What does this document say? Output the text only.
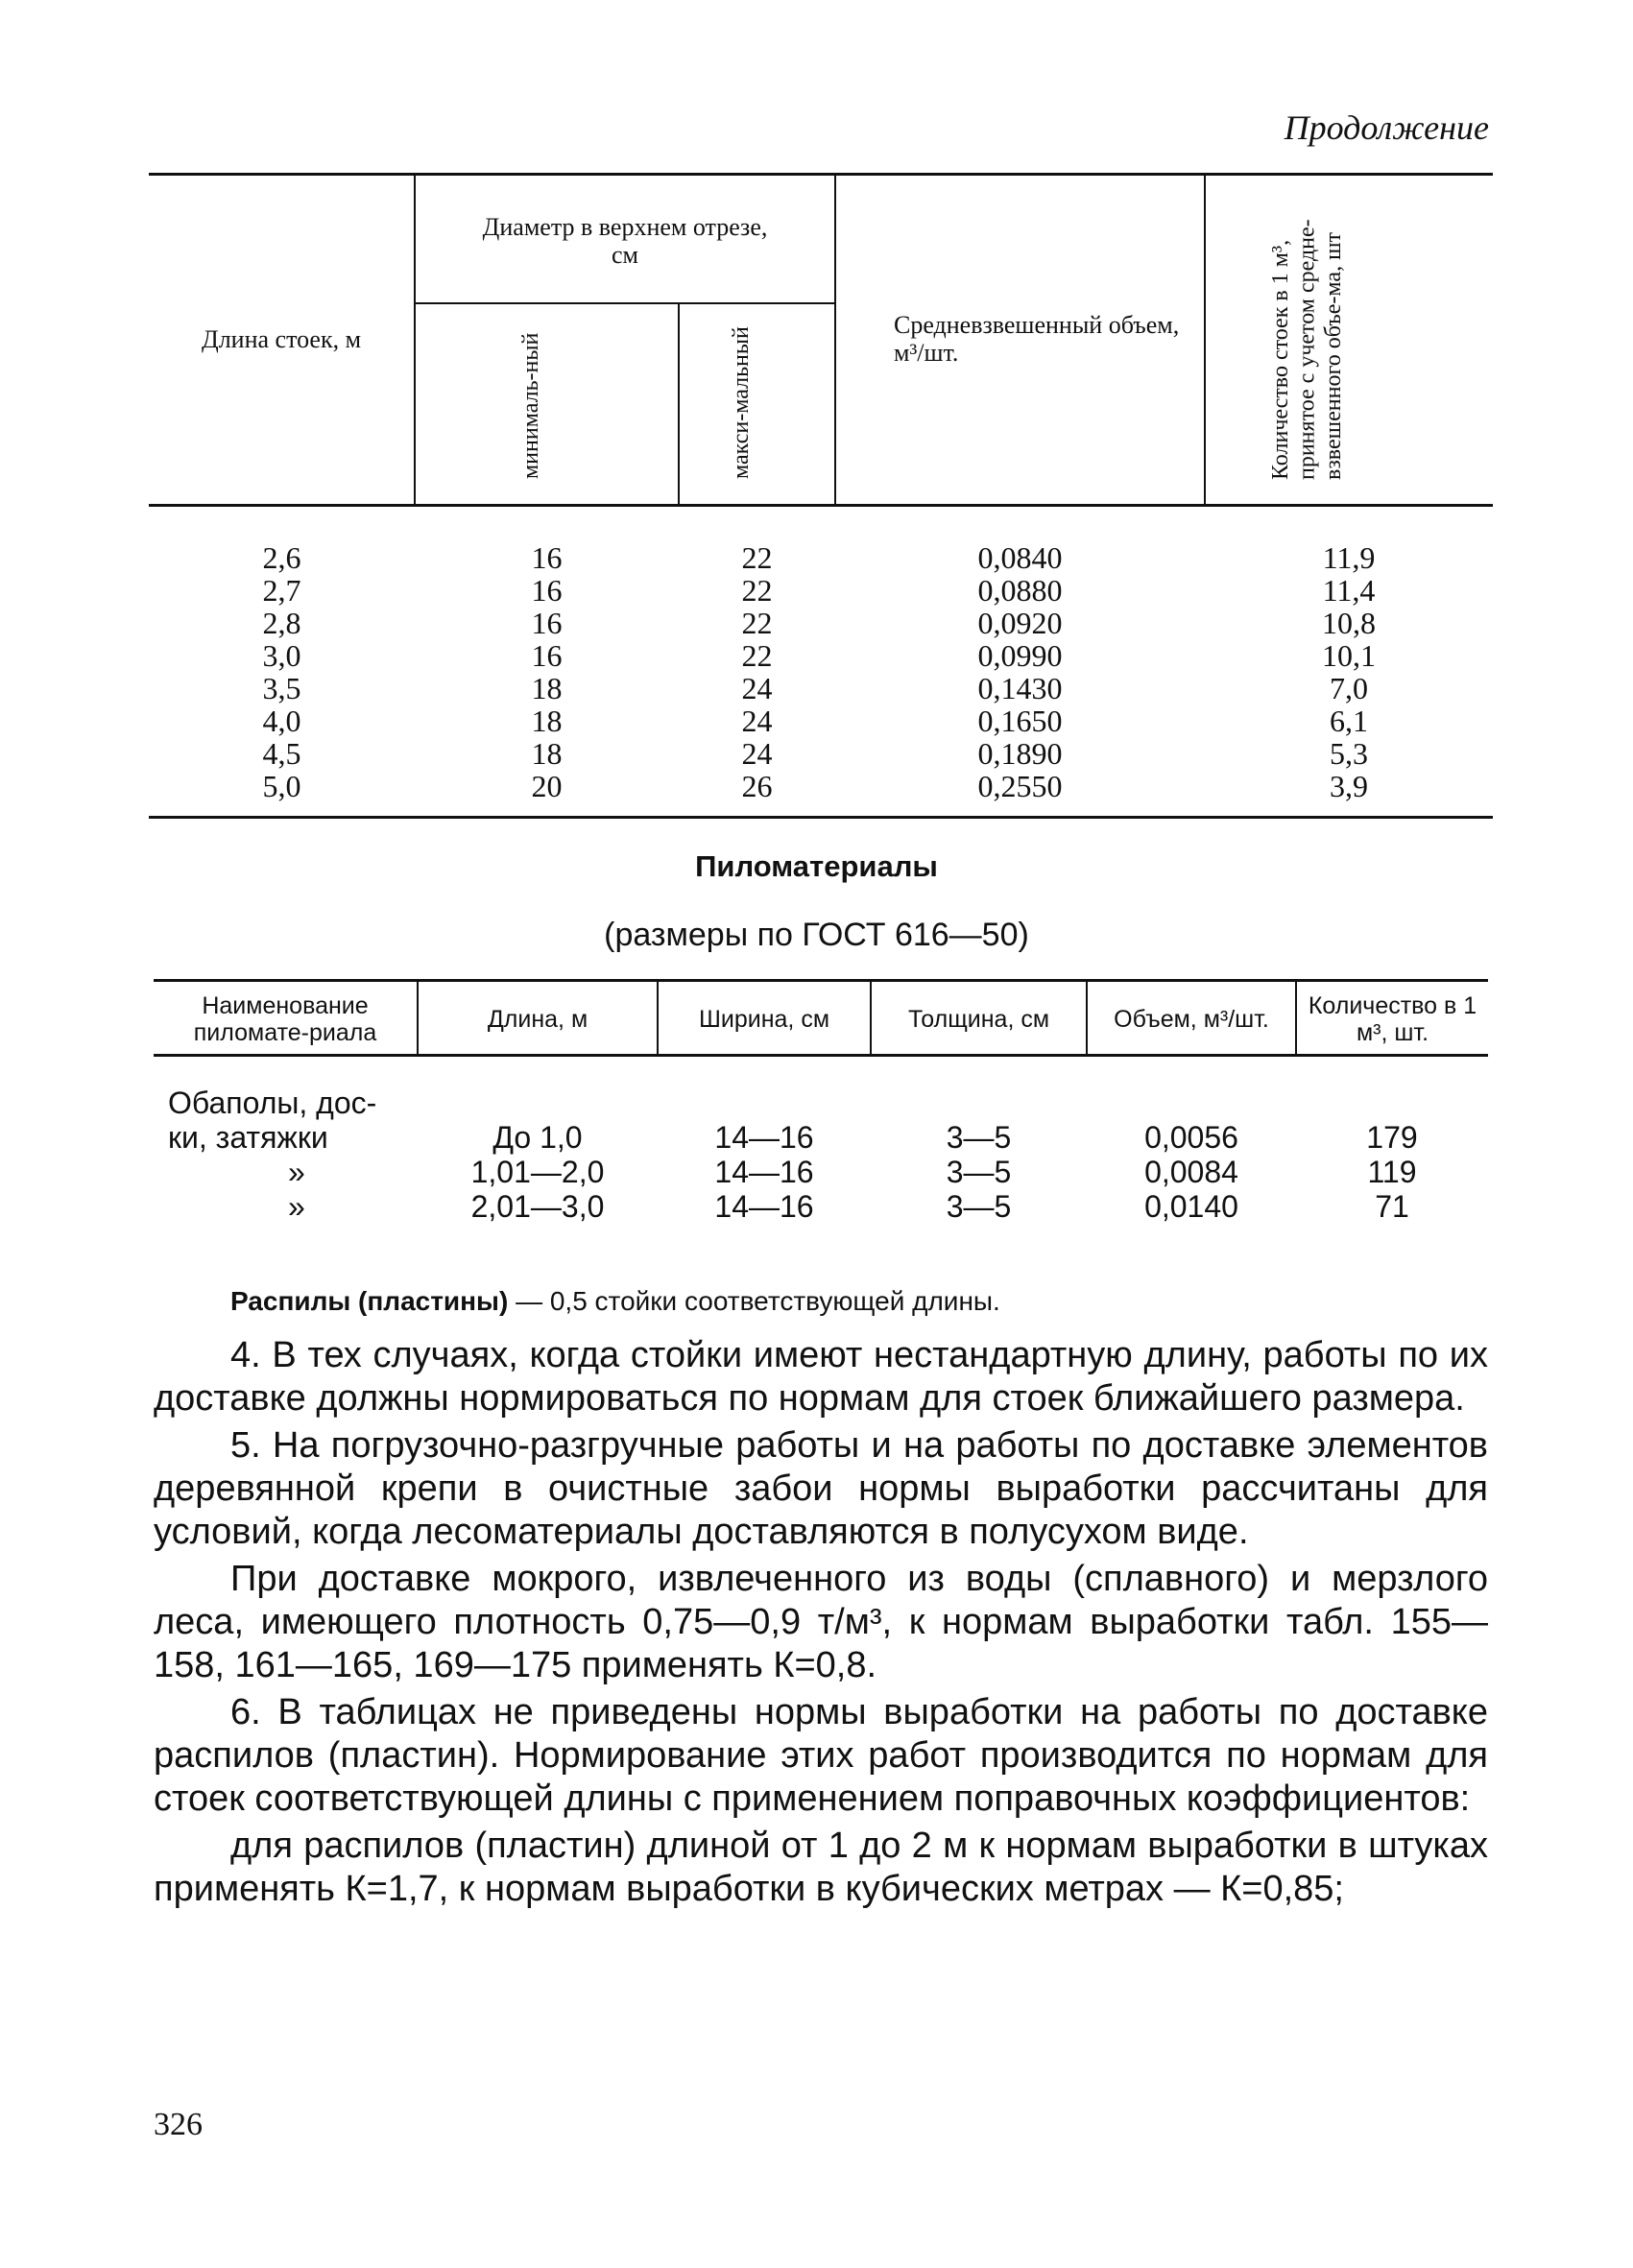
Продолжение
Длина стоек, м	Диаметр в верхнем отрезе, см		Средневзвешенный объем, м³/шт.	Количество стоек в 1 м³, принятое с учетом средне-взвешенного объе-ма, шт
	минималь-ный	макси-мальный		
2,6	16	22	0,0840	11,9
2,7	16	22	0,0880	11,4
2,8	16	22	0,0920	10,8
3,0	16	22	0,0990	10,1
3,5	18	24	0,1430	7,0
4,0	18	24	0,1650	6,1
4,5	18	24	0,1890	5,3
5,0	20	26	0,2550	3,9
Пиломатериалы
(размеры по ГОСТ 616—50)
Наименование пиломате-риала	Длина, м	Ширина, см	Толщина, см	Объем, м³/шт.	Количество в 1 м³, шт.
Обаполы, дос-					
ки, затяжки	До 1,0	14—16	3—5	0,0056	179
»	1,01—2,0	14—16	3—5	0,0084	119
»	2,01—3,0	14—16	3—5	0,0140	71
Распилы (пластины) — 0,5 стойки соответствующей длины.

4. В тех случаях, когда стойки имеют нестандартную длину, работы по их доставке должны нормироваться по нормам для стоек ближайшего размера.

5. На погрузочно-разгручные работы и на работы по доставке элементов деревянной крепи в очистные забои нормы выработки рассчитаны для условий, когда лесоматериалы доставляются в полусухом виде.

При доставке мокрого, извлеченного из воды (сплавного) и мерзлого леса, имеющего плотность 0,75—0,9 т/м³, к нормам выработки табл. 155—158, 161—165, 169—175 применять К=0,8.

6. В таблицах не приведены нормы выработки на работы по доставке распилов (пластин). Нормирование этих работ производится по нормам для стоек соответствующей длины с применением поправочных коэффициентов:

для распилов (пластин) длиной от 1 до 2 м к нормам выработки в штуках применять К=1,7, к нормам выработки в кубических метрах — К=0,85;

326
